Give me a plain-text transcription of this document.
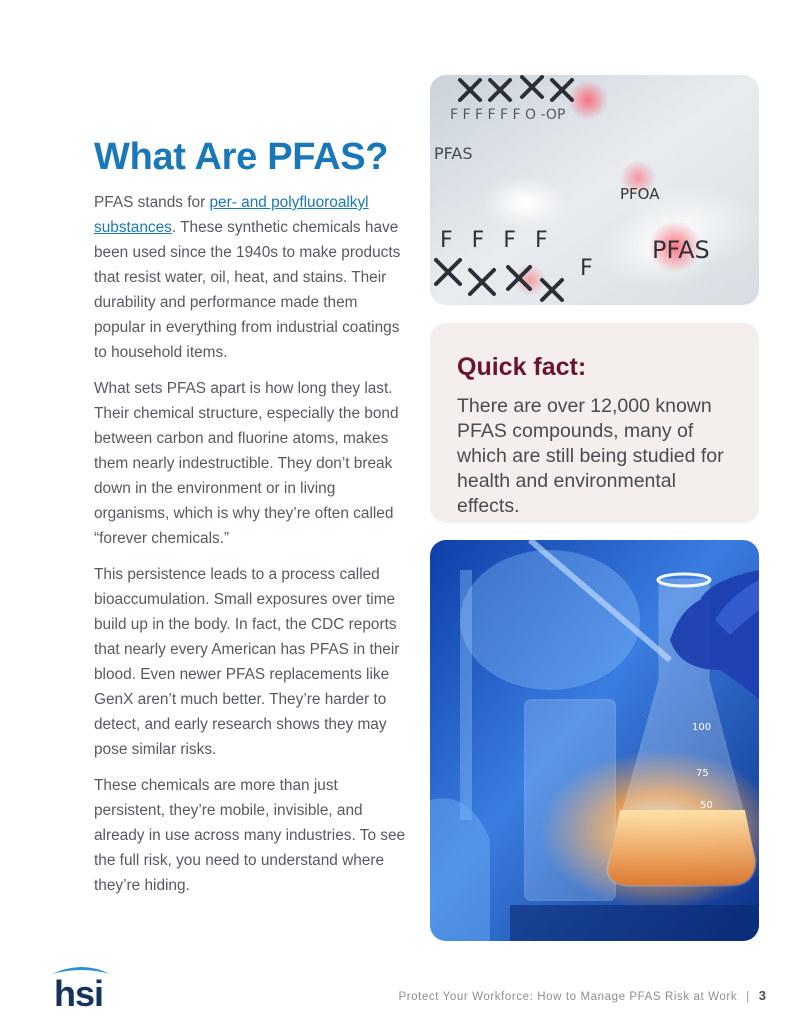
What Are PFAS?

PFAS stands for per- and polyfluoroalkyl substances. These synthetic chemicals have been used since the 1940s to make products that resist water, oil, heat, and stains. Their durability and performance made them popular in everything from industrial coatings to household items.

What sets PFAS apart is how long they last. Their chemical structure, especially the bond between carbon and fluorine atoms, makes them nearly indestructible. They don’t break down in the environment or in living organisms, which is why they’re often called “forever chemicals.”

This persistence leads to a process called bioaccumulation. Small exposures over time build up in the body. In fact, the CDC reports that nearly every American has PFAS in their blood. Even newer PFAS replacements like GenX aren’t much better. They’re harder to detect, and early research shows they may pose similar risks.

These chemicals are more than just persistent, they’re mobile, invisible, and already in use across many industries. To see the full risk, you need to understand where they’re hiding.

F F F F F F O -OP
PFAS
PFOA
F F F F	PFAS
F
Quick fact:

There are over 12,000 known PFAS compounds, many of which are still being studied for health and environmental effects.

100
75
50
hsi	Protect Your Workforce: How to Manage PFAS Risk at Work | 3
